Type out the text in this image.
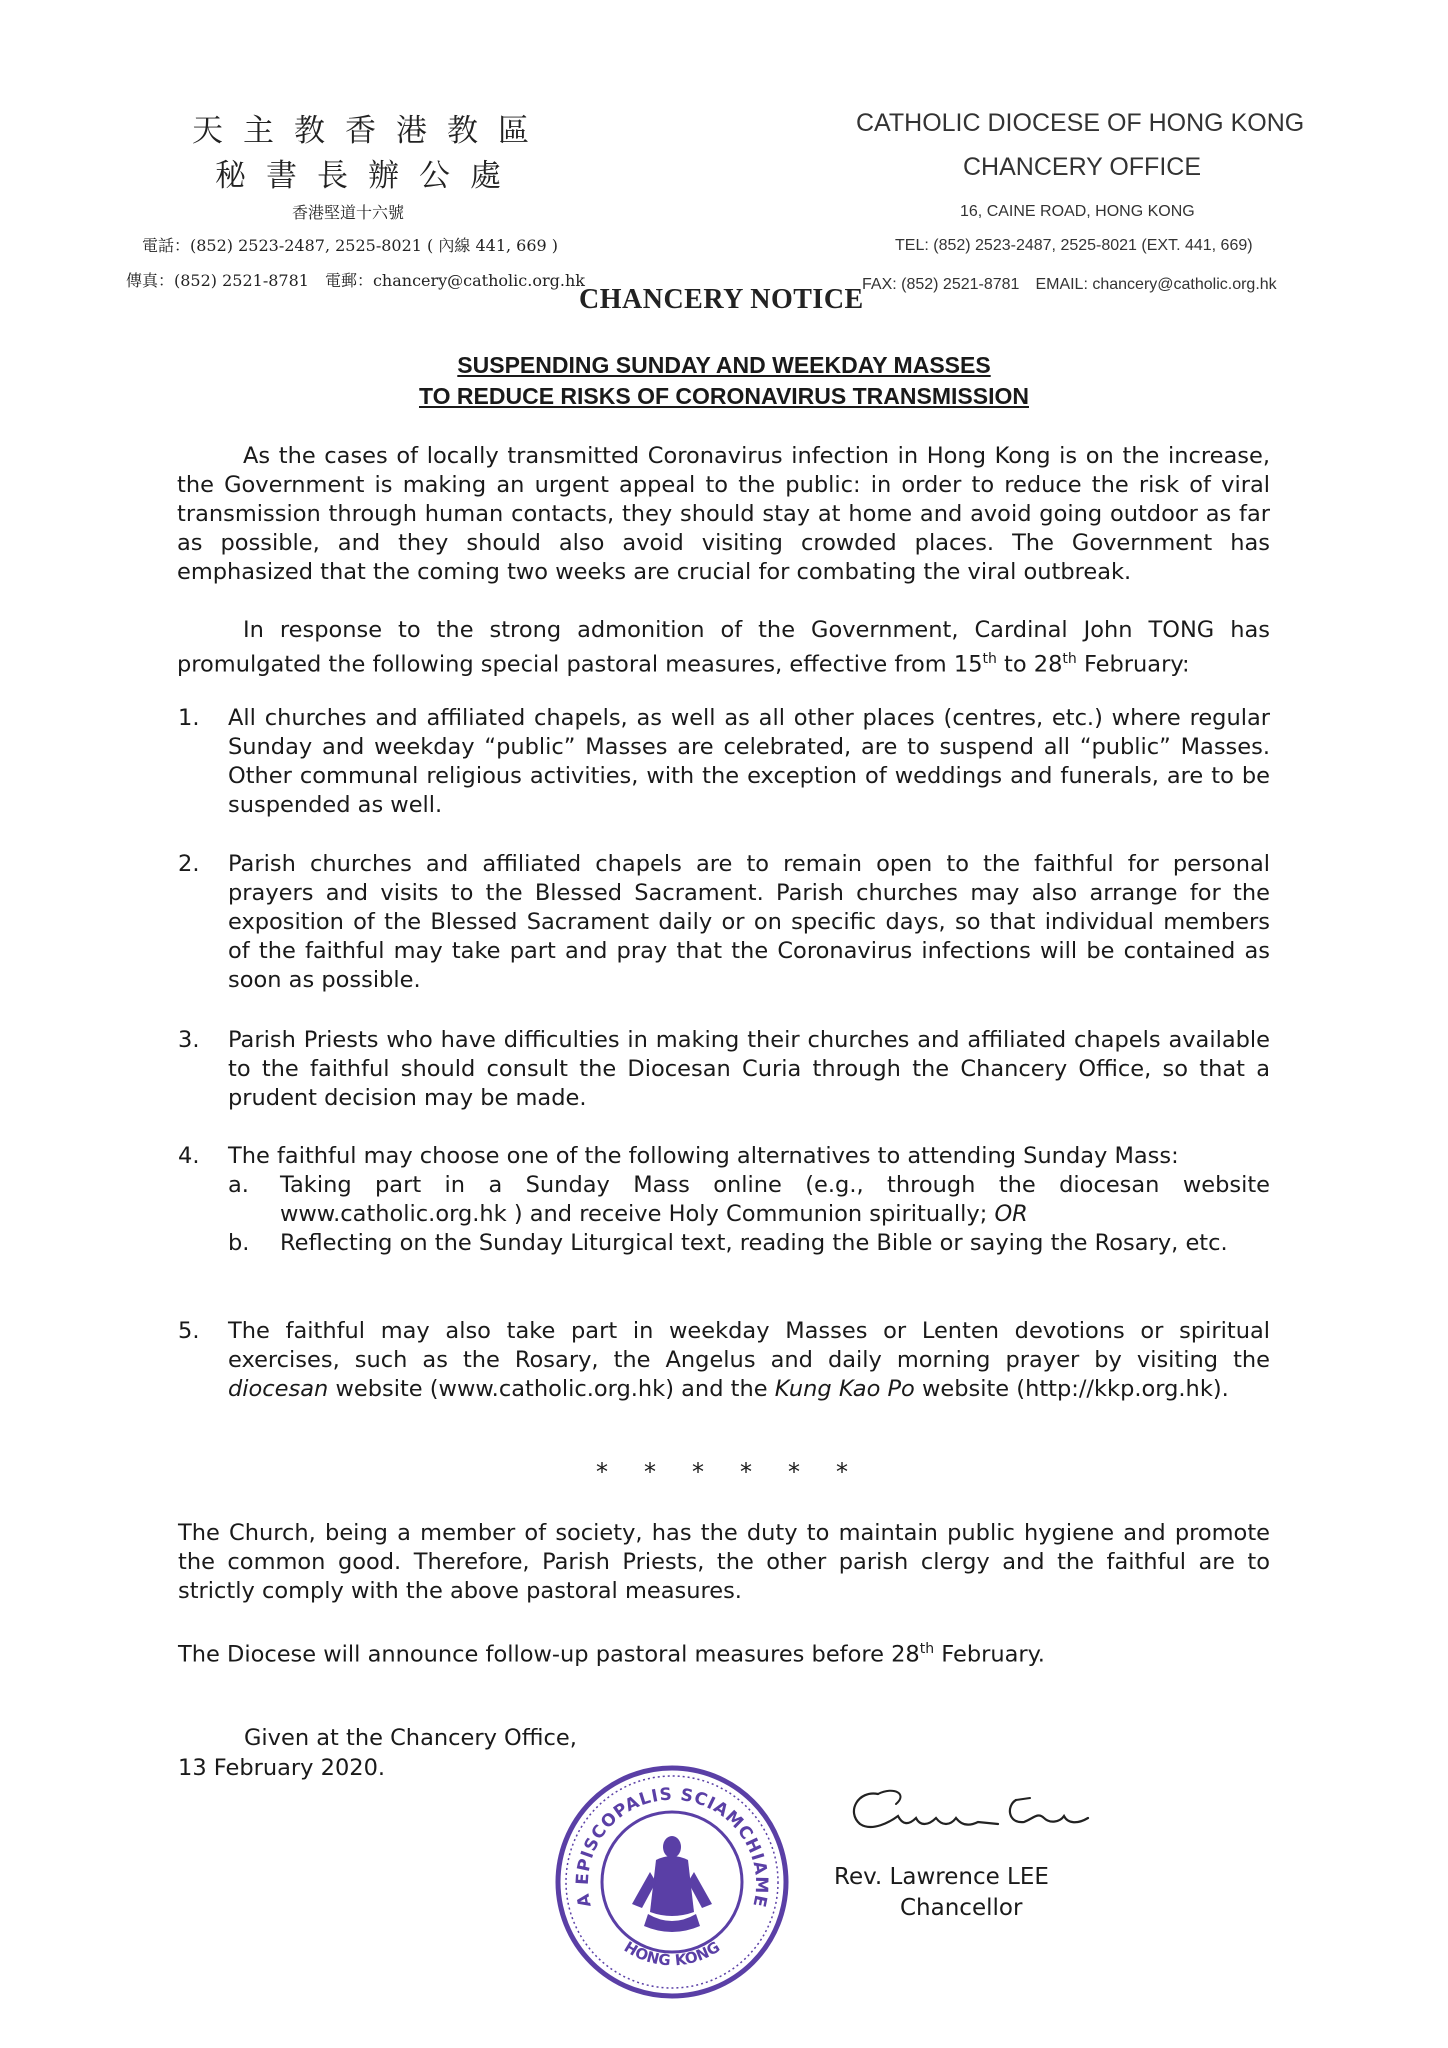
天主教香港教區
秘書長辦公處
香港堅道十六號
電話：(852) 2523-2487, 2525-8021 ( 內線 441, 669 )
傳真：(852) 2521-8781　電郵：chancery@catholic.org.hk
CATHOLIC DIOCESE OF HONG KONG
CHANCERY OFFICE
16, CAINE ROAD, HONG KONG
TEL: (852) 2523-2487, 2525-8021 (EXT. 441, 669)
FAX: (852) 2521-8781　EMAIL: chancery@catholic.org.hk
CHANCERY NOTICE
SUSPENDING SUNDAY AND WEEKDAY MASSES
TO REDUCE RISKS OF CORONAVIRUS TRANSMISSION
As the cases of locally transmitted Coronavirus infection in Hong Kong is on the increase, the Government is making an urgent appeal to the public: in order to reduce the risk of viral transmission through human contacts, they should stay at home and avoid going outdoor as far as possible, and they should also avoid visiting crowded places. The Government has emphasized that the coming two weeks are crucial for combating the viral outbreak.
In response to the strong admonition of the Government, Cardinal John TONG has promulgated the following special pastoral measures, effective from 15th to 28th February:
1. All churches and affiliated chapels, as well as all other places (centres, etc.) where regular Sunday and weekday “public” Masses are celebrated, are to suspend all “public” Masses. Other communal religious activities, with the exception of weddings and funerals, are to be suspended as well.
2. Parish churches and affiliated chapels are to remain open to the faithful for personal prayers and visits to the Blessed Sacrament. Parish churches may also arrange for the exposition of the Blessed Sacrament daily or on specific days, so that individual members of the faithful may take part and pray that the Coronavirus infections will be contained as soon as possible.
3. Parish Priests who have difficulties in making their churches and affiliated chapels available to the faithful should consult the Diocesan Curia through the Chancery Office, so that a prudent decision may be made.
4. The faithful may choose one of the following alternatives to attending Sunday Mass:
a. Taking part in a Sunday Mass online (e.g., through the diocesan website www.catholic.org.hk ) and receive Holy Communion spiritually; OR
b. Reflecting on the Sunday Liturgical text, reading the Bible or saying the Rosary, etc.
5. The faithful may also take part in weekday Masses or Lenten devotions or spiritual exercises, such as the Rosary, the Angelus and daily morning prayer by visiting the diocesan website (www.catholic.org.hk) and the Kung Kao Po website (http://kkp.org.hk).
* * * * * *
The Church, being a member of society, has the duty to maintain public hygiene and promote the common good. Therefore, Parish Priests, the other parish clergy and the faithful are to strictly comply with the above pastoral measures.
The Diocese will announce follow-up pastoral measures before 28th February.
Given at the Chancery Office,
13 February 2020.
A EPISCOPALIS SCIAMCHIAME
HONG KONG
Rev. Lawrence LEE
Chancellor
